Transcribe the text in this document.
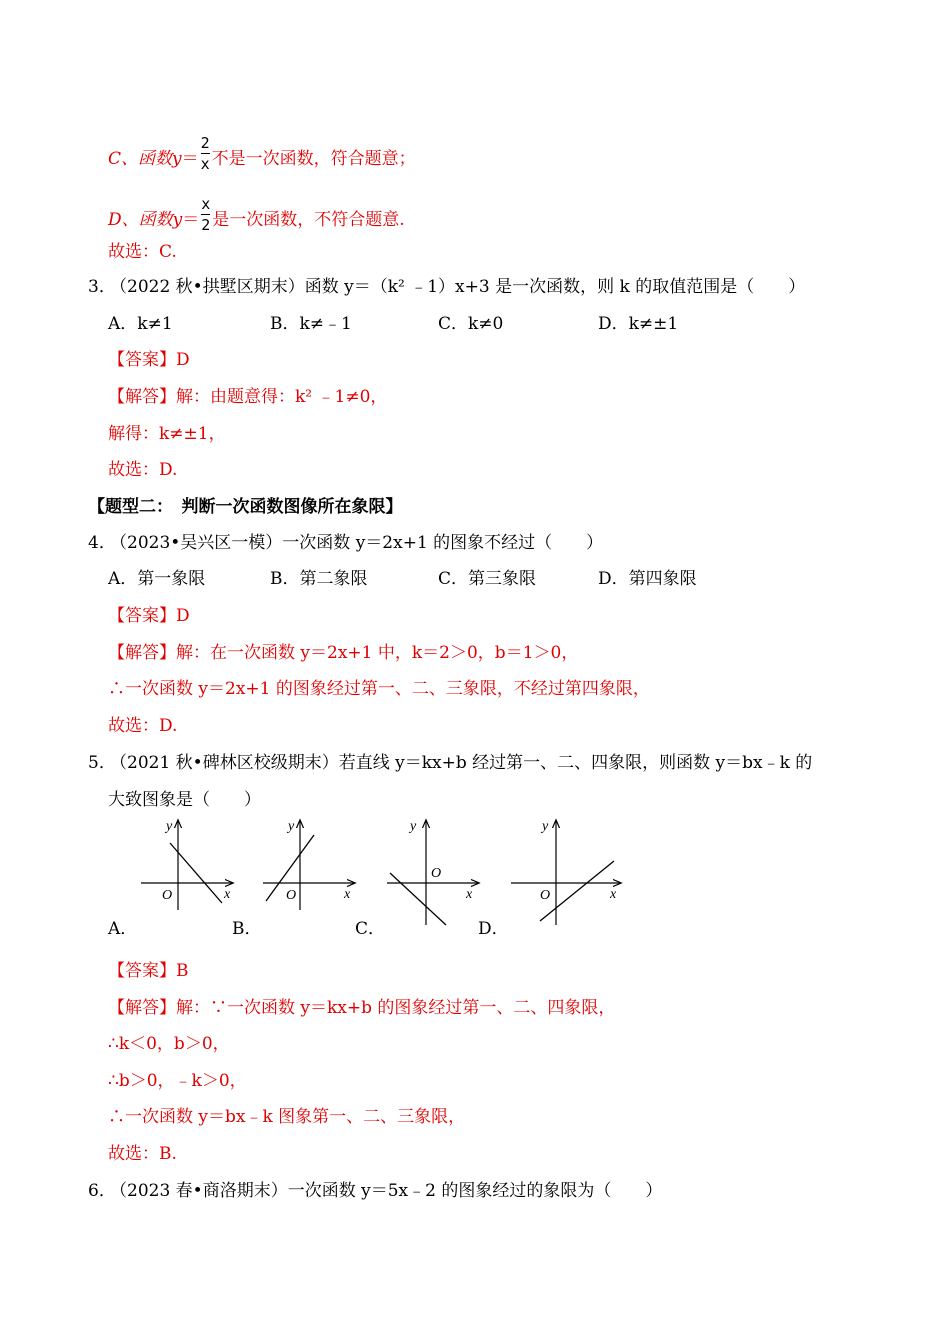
C、函数$y= \frac{2}{x}$ 不是一次函数，符合题意；
D、函数$y= \frac{x}{2}$ 是一次函数，不符合题意.
故选：C.
3．
（2022 秋•拱墅区期末）函数 y＝（k² ﹣1）x+3 是一次函数，则 k 的取值范围是（　　）
A．k≠1	B．k≠﹣1	C．k≠0	D．k≠±1
【答案】D
【解答】解：由题意得：k² ﹣1≠0，
解得：k≠±1，
故选：D.
【题型二：　判断一次函数图像所在象限】
4．
（2023•吴兴区一模）一次函数 y＝2x+1 的图象不经过（　　）
A．第一象限	B．第二象限	C．第三象限	D．第四象限
【答案】D
【解答】解：在一次函数 y＝2x+1 中，k＝2＞0，b＝1＞0，
∴一次函数 y＝2x+1 的图象经过第一、二、三象限，不经过第四象限，
故选：D.
5．
（2021 秋•碑林区校级期末）若直线 y＝kx+b 经过第一、二、四象限，则函数 y＝bx﹣k 的
大致图象是（　　）
y
x
O
y
x
O
y
x
O
y
x
O
A．	B．	C．	D．
【答案】B
【解答】解：∵一次函数 y＝kx+b 的图象经过第一、二、四象限，
∴k＜0，b＞0，
∴b＞0，﹣k＞0，
∴一次函数 y＝bx﹣k 图象第一、二、三象限，
故选：B.
6．
（2023 春•商洛期末）一次函数 y＝5x﹣2 的图象经过的象限为（　　）
